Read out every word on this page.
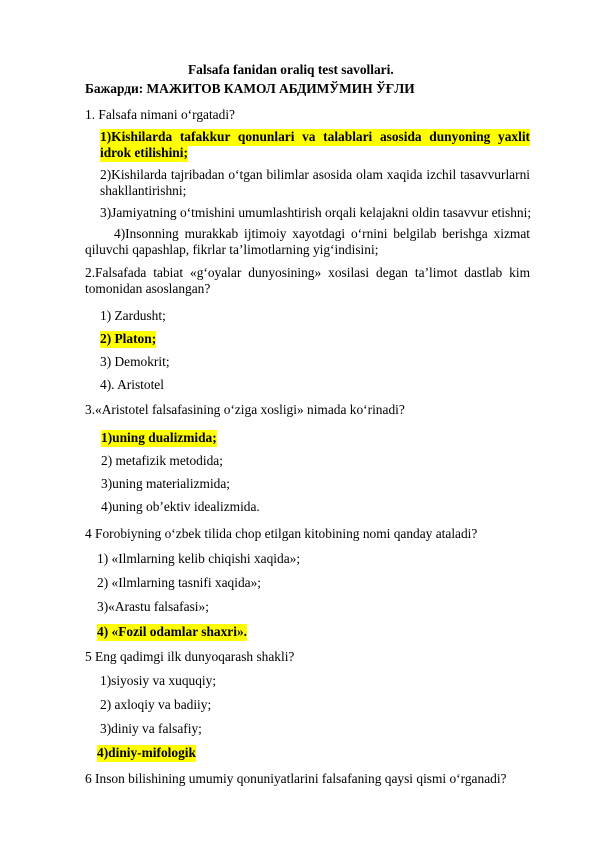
Falsafa fanidan oraliq test savollari.
Бажарди: МАЖИТОВ КАМОЛ АБДИМЎМИН ЎҒЛИ
1. Falsafa nimani o‘rgatadi?
1)Kishilarda tafakkur qonunlari va talablari asosida dunyoning yaxlit
idrok etilishini;
2)Kishilarda tajribadan o‘tgan bilimlar asosida olam xaqida izchil tasavvurlarni
shakllantirishni;
3)Jamiyatning o‘tmishini umumlashtirish orqali kelajakni oldin tasavvur etishni;
4)Insonning murakkab ijtimoiy xayotdagi o‘rnini belgilab berishga xizmat
qiluvchi qapashlap, fikrlar ta’limotlarning yig‘indisini;
2.Falsafada tabiat «g‘oyalar dunyosining» xosilasi degan ta’limot dastlab kim
tomonidan asoslangan?
1) Zardusht;
2) Platon;
3) Demokrit;
4). Aristotel
3.«Aristotel falsafasining o‘ziga xosligi» nimada ko‘rinadi?
1)uning dualizmida;
2) metafizik metodida;
3)uning materializmida;
4)uning ob’ektiv idealizmida.
4 Forobiyning o‘zbek tilida chop etilgan kitobining nomi qanday ataladi?
1) «Ilmlarning kelib chiqishi xaqida»;
2) «Ilmlarning tasnifi xaqida»;
3)«Arastu falsafasi»;
4) «Fozil odamlar shaxri».
5 Eng qadimgi ilk dunyoqarash shakli?
1)siyosiy va xuquqiy;
2) axloqiy va badiiy;
3)diniy va falsafiy;
4)diniy-mifologik
6 Inson bilishining umumiy qonuniyatlarini falsafaning qaysi qismi o‘rganadi?
